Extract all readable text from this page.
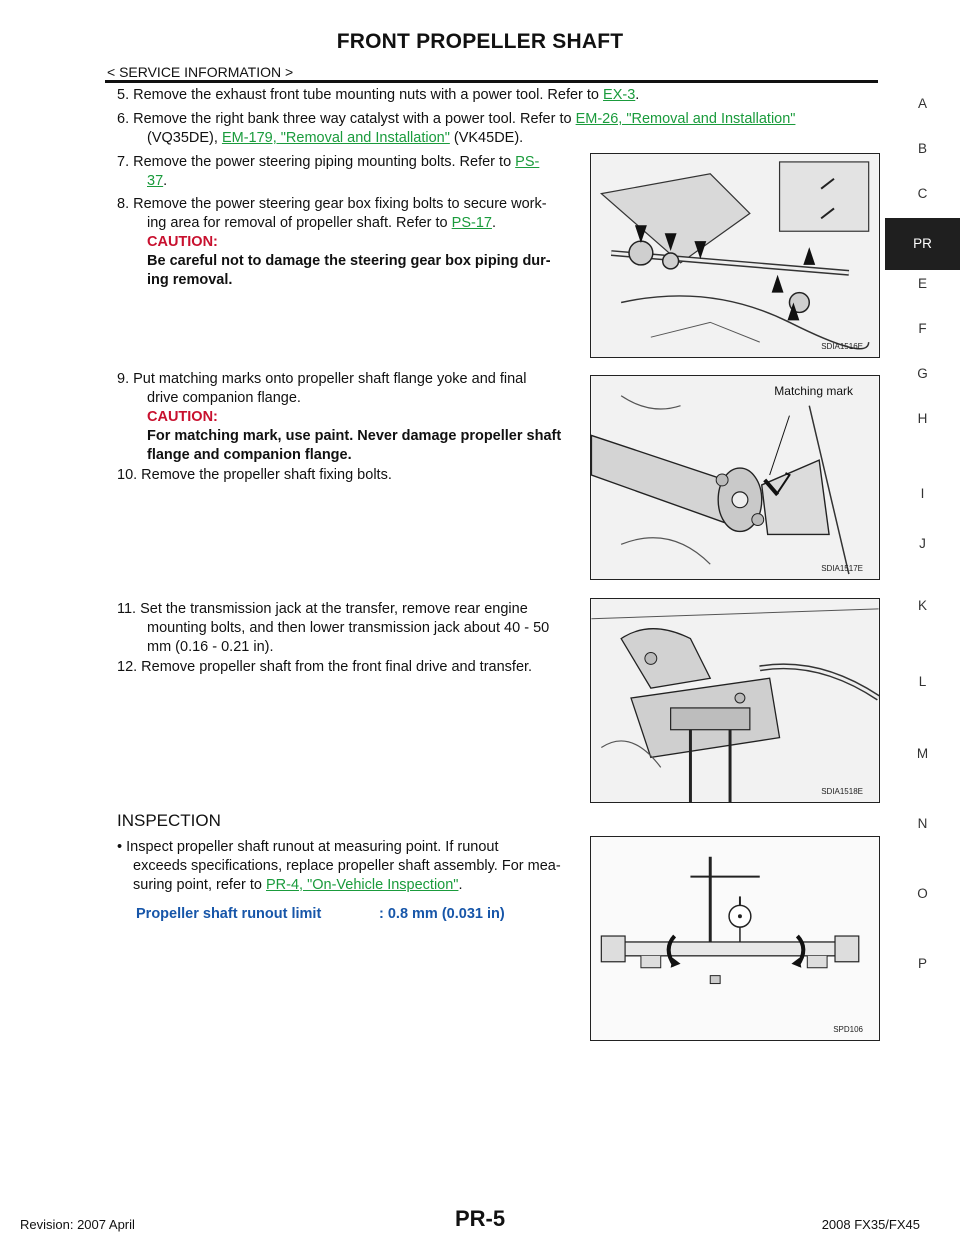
FRONT PROPELLER SHAFT
< SERVICE INFORMATION >
5. Remove the exhaust front tube mounting nuts with a power tool. Refer to EX-3.
6. Remove the right bank three way catalyst with a power tool. Refer to EM-26, "Removal and Installation"
(VQ35DE), EM-179, "Removal and Installation" (VK45DE).
7. Remove the power steering piping mounting bolts. Refer to PS-
37.
8. Remove the power steering gear box fixing bolts to secure work-
ing area for removal of propeller shaft. Refer to PS-17.
CAUTION:
Be careful not to damage the steering gear box piping dur-
ing removal.
SDIA1516E
9. Put matching marks onto propeller shaft flange yoke and final
drive companion flange.
CAUTION:
For matching mark, use paint. Never damage propeller shaft
flange and companion flange.
10. Remove the propeller shaft fixing bolts.
Matching mark
SDIA1517E
11. Set the transmission jack at the transfer, remove rear engine
mounting bolts, and then lower transmission jack about 40 - 50
mm (0.16 - 0.21 in).
12. Remove propeller shaft from the front final drive and transfer.
SDIA1518E
INSPECTION
• Inspect propeller shaft runout at measuring point. If runout
exceeds specifications, replace propeller shaft assembly. For mea-
suring point, refer to PR-4, "On-Vehicle Inspection".
Propeller shaft runout limit	: 0.8 mm (0.031 in)
SPD106
A
B
C
PR
E
F
G
H
I
J
K
L
M
N
O
P
Revision: 2007 April	PR-5	2008 FX35/FX45
